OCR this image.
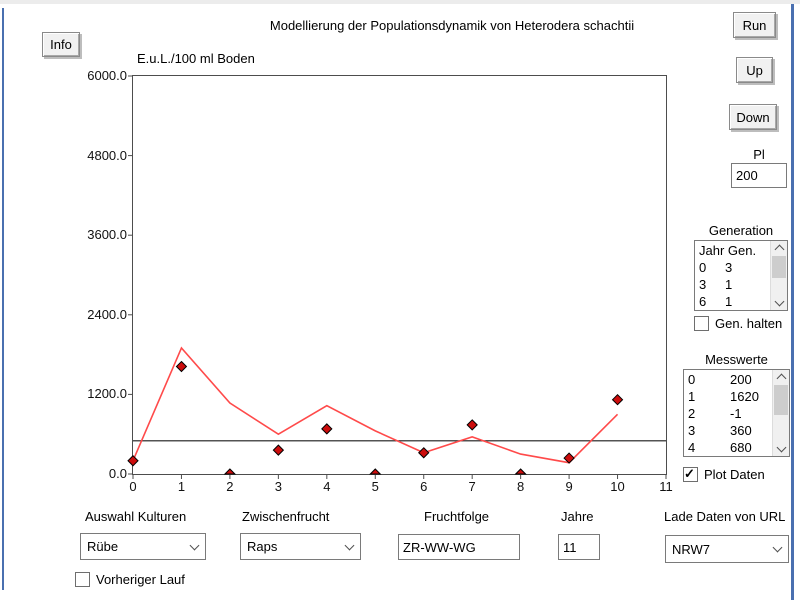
Modellierung der Populationsdynamik von Heterodera schachtii
Info
Run
Up
Down
Pl
200
Generation
Jahr Gen.
0 3
3 1
6 1
Gen. halten
Messwerte
0	200
1	1620
2	-1
3	360
4	680
✓
Plot Daten
E.u.L./100 ml Boden
6000.0
4800.0
3600.0
2400.0
1200.0
0.0
0	1	2	3	4	5	6	7	8	9	10	11
Auswahl Kulturen
Rübe
Zwischenfrucht
Raps
Fruchtfolge
ZR-WW-WG	Jahre
11	Lade Daten von URL
NRW7
Vorheriger Lauf
